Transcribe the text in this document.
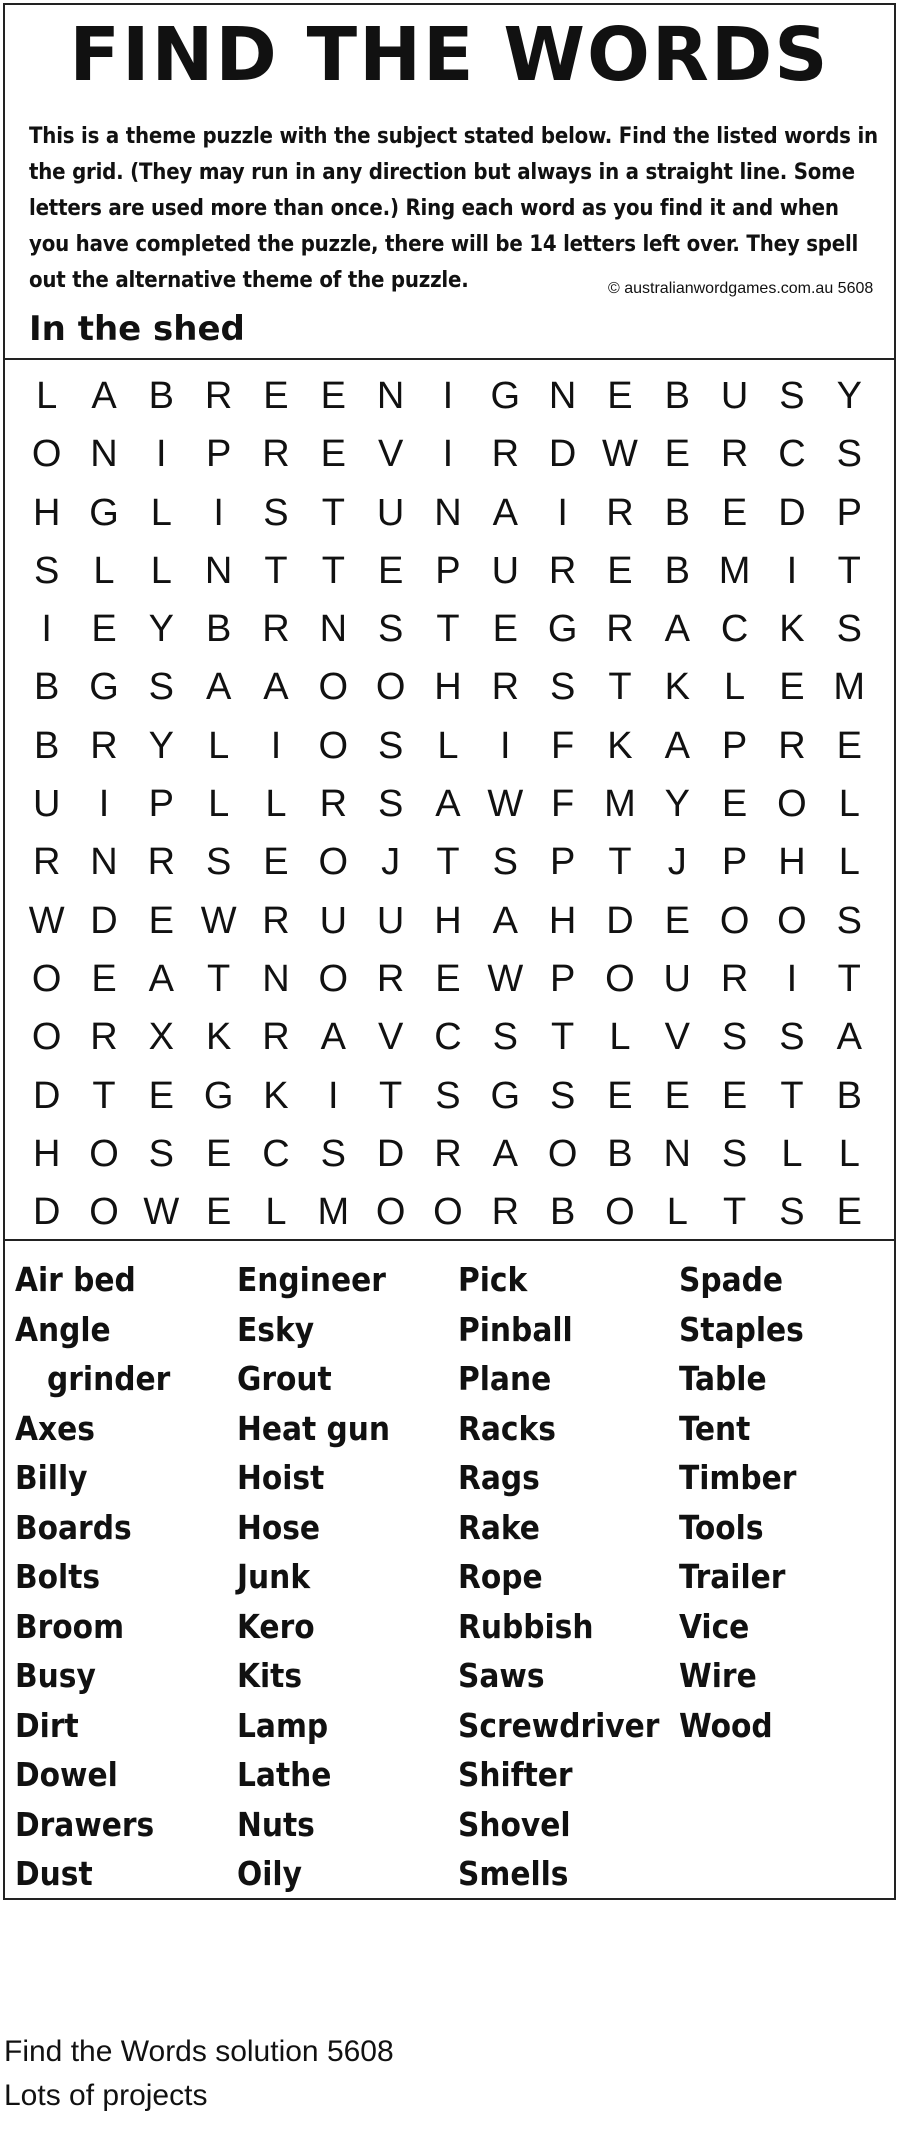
FIND THE WORDS
This is a theme puzzle with the subject stated below. Find the listed words in the grid. (They may run in any direction but always in a straight line. Some letters are used more than once.) Ring each word as you find it and when you have completed the puzzle, there will be 14 letters left over. They spell out the alternative theme of the puzzle.	© australianwordgames.com.au 5608
In the shed
L A B R E E N	I G N E B U S Y
O N	I	P R E V	I	R D W E R C S
H G L	I	S T U N A	I	R B E D P
S L L N T T E P U R E B M I	T
I	E Y B R N S T E G R A C K S
B G S A A O O H R S T K L E M
B R Y L	I O S L	I	F K A P R E
U	I	P L L R S A W F M Y E O L
R N R S E O J T S P T J P H L
W D E W R U U H A H D E O O S
O E A T N O R E W P O U R	I	T
O R X K R A V C S T L V S S A
D T E G K	I	T S G S E E E T B
H O S E C S D R A O B N S L L
D O W E L M O O R B O L T S E
Air bed
Angle
grinder
Axes
Billy
Boards
Bolts
Broom
Busy
Dirt
Dowel
Drawers
Dust
Engineer
Esky
Grout
Heat gun
Hoist
Hose
Junk
Kero
Kits
Lamp
Lathe
Nuts
Oily
Pick
Pinball
Plane
Racks
Rags
Rake
Rope
Rubbish
Saws
Screwdriver
Shifter
Shovel
Smells
Spade
Staples
Table
Tent
Timber
Tools
Trailer
Vice
Wire
Wood
Find the Words solution 5608
Lots of projects
